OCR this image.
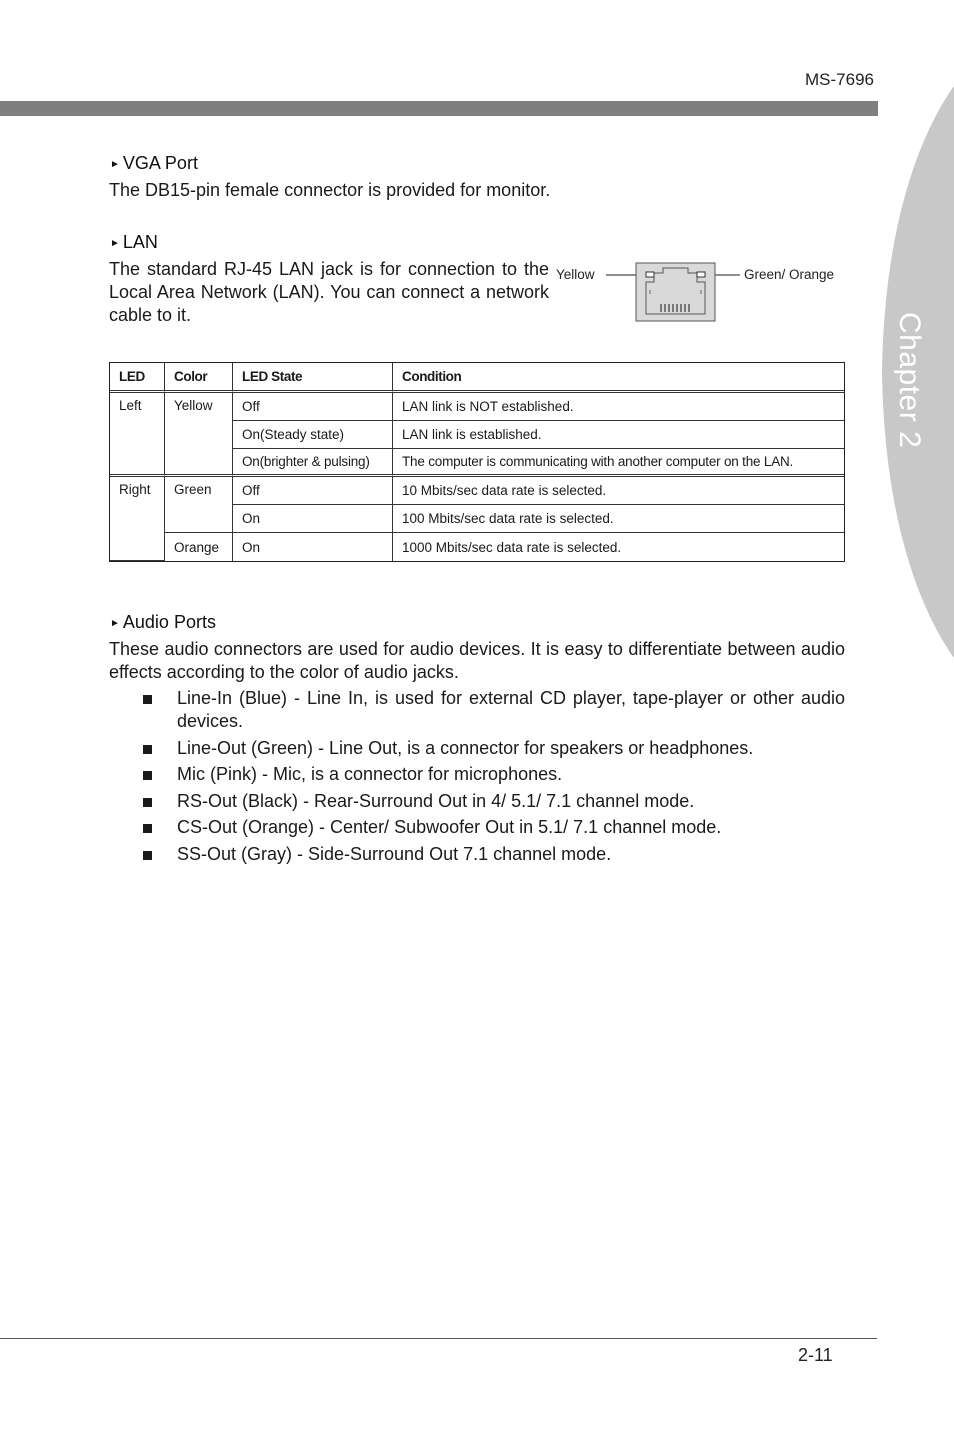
MS-7696
Chapter 2
► VGA Port
The DB15-pin female connector is provided for monitor.
► LAN
The standard RJ-45 LAN jack is for connection to the Local Area Network (LAN). You can connect a network cable to it.
Yellow	Green/ Orange
LED	Color	LED State	Condition
Left	Yellow	Off	LAN link is NOT established.
		On(Steady state)	LAN link is established.
		On(brighter & pulsing)	The computer is communicating with another computer on the LAN.
Right	Green	Off	10 Mbits/sec data rate is selected.
		On	100 Mbits/sec data rate is selected.
	Orange	On	1000 Mbits/sec data rate is selected.
► Audio Ports
These audio connectors are used for audio devices. It is easy to differentiate between audio effects according to the color of audio jacks.
Line-In (Blue) - Line In, is used for external CD player, tape-player or other audio devices.
Line-Out (Green) - Line Out, is a connector for speakers or headphones.
Mic (Pink) - Mic, is a connector for microphones.
RS-Out (Black) - Rear-Surround Out in 4/ 5.1/ 7.1 channel mode.
CS-Out (Orange) - Center/ Subwoofer Out in 5.1/ 7.1 channel mode.
SS-Out (Gray) - Side-Surround Out 7.1 channel mode.
2-11
